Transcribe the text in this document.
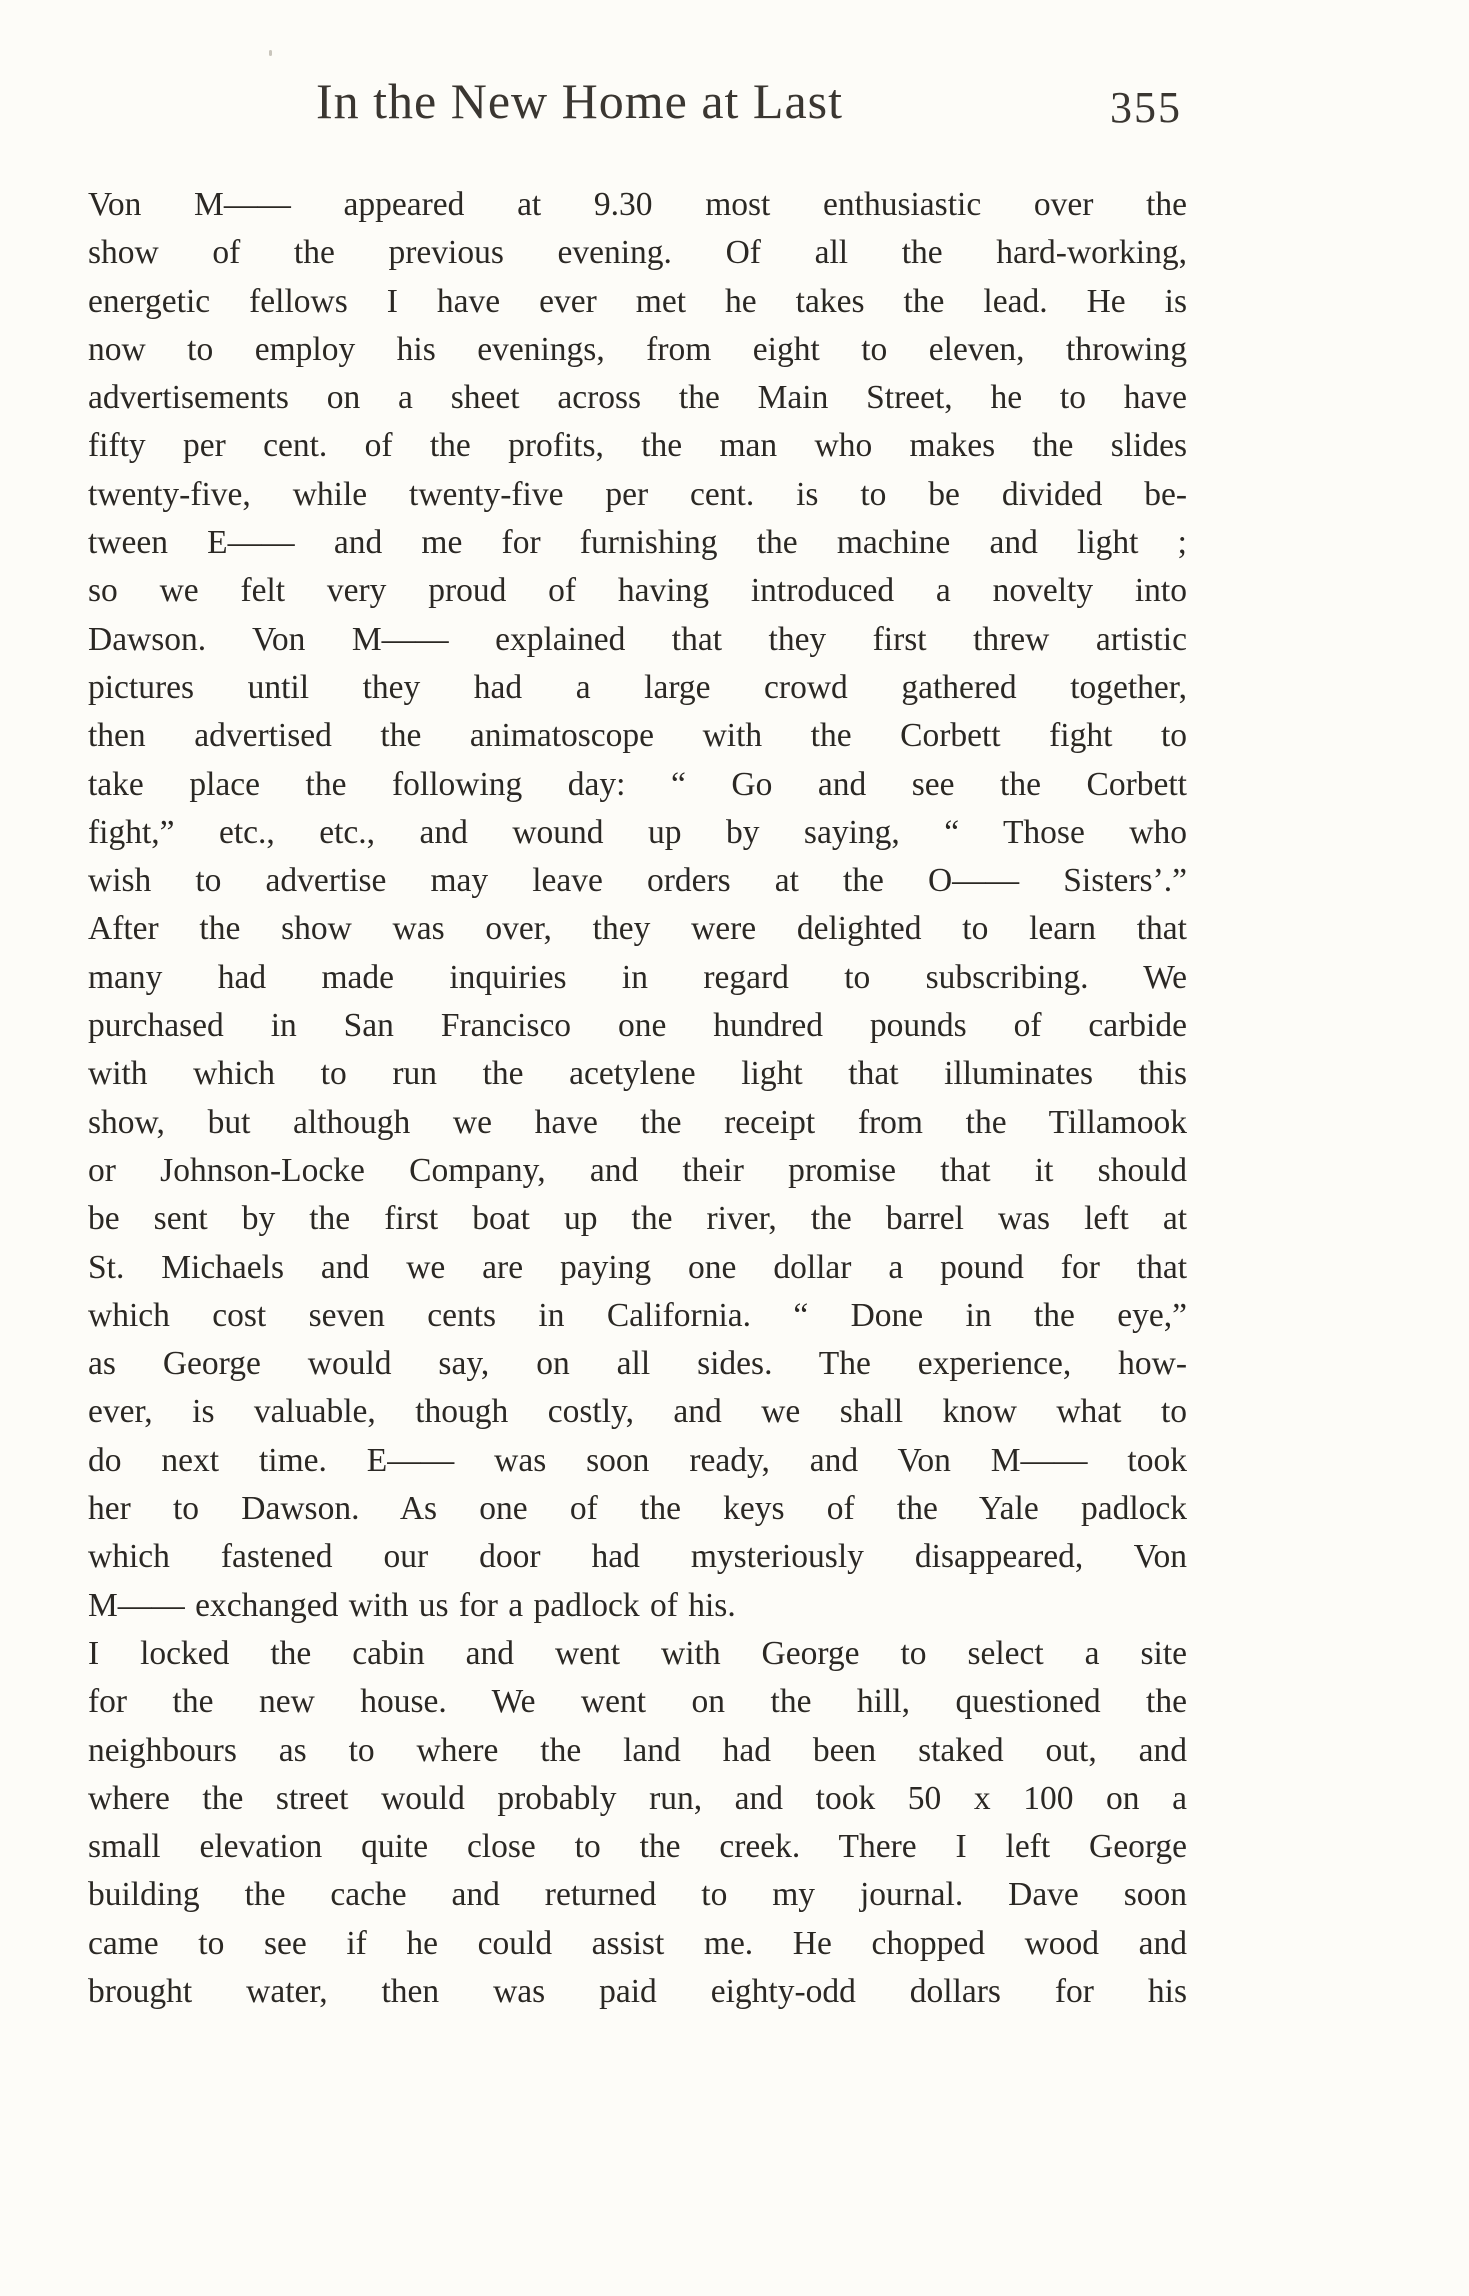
In the New Home at Last	355
Von M—— appeared at 9.30 most enthusiastic over the
show of the previous evening. Of all the hard-working,
energetic fellows I have ever met he takes the lead. He is
now to employ his evenings, from eight to eleven, throwing
advertisements on a sheet across the Main Street, he to have
fifty per cent. of the profits, the man who makes the slides
twenty-five, while twenty-five per cent. is to be divided be-
tween E—— and me for furnishing the machine and light ;
so we felt very proud of having introduced a novelty into
Dawson. Von M—— explained that they first threw artistic
pictures until they had a large crowd gathered together,
then advertised the animatoscope with the Corbett fight to
take place the following day: “ Go and see the Corbett
fight,” etc., etc., and wound up by saying, “ Those who
wish to advertise may leave orders at the O—— Sisters’.”
After the show was over, they were delighted to learn that
many had made inquiries in regard to subscribing. We
purchased in San Francisco one hundred pounds of carbide
with which to run the acetylene light that illuminates this
show, but although we have the receipt from the Tillamook
or Johnson-Locke Company, and their promise that it should
be sent by the first boat up the river, the barrel was left at
St. Michaels and we are paying one dollar a pound for that
which cost seven cents in California. “ Done in the eye,”
as George would say, on all sides. The experience, how-
ever, is valuable, though costly, and we shall know what to
do next time. E—— was soon ready, and Von M—— took
her to Dawson. As one of the keys of the Yale padlock
which fastened our door had mysteriously disappeared, Von
M—— exchanged with us for a padlock of his.
I locked the cabin and went with George to select a site
for the new house. We went on the hill, questioned the
neighbours as to where the land had been staked out, and
where the street would probably run, and took 50 x 100 on a
small elevation quite close to the creek. There I left George
building the cache and returned to my journal. Dave soon
came to see if he could assist me. He chopped wood and
brought water, then was paid eighty-odd dollars for his
